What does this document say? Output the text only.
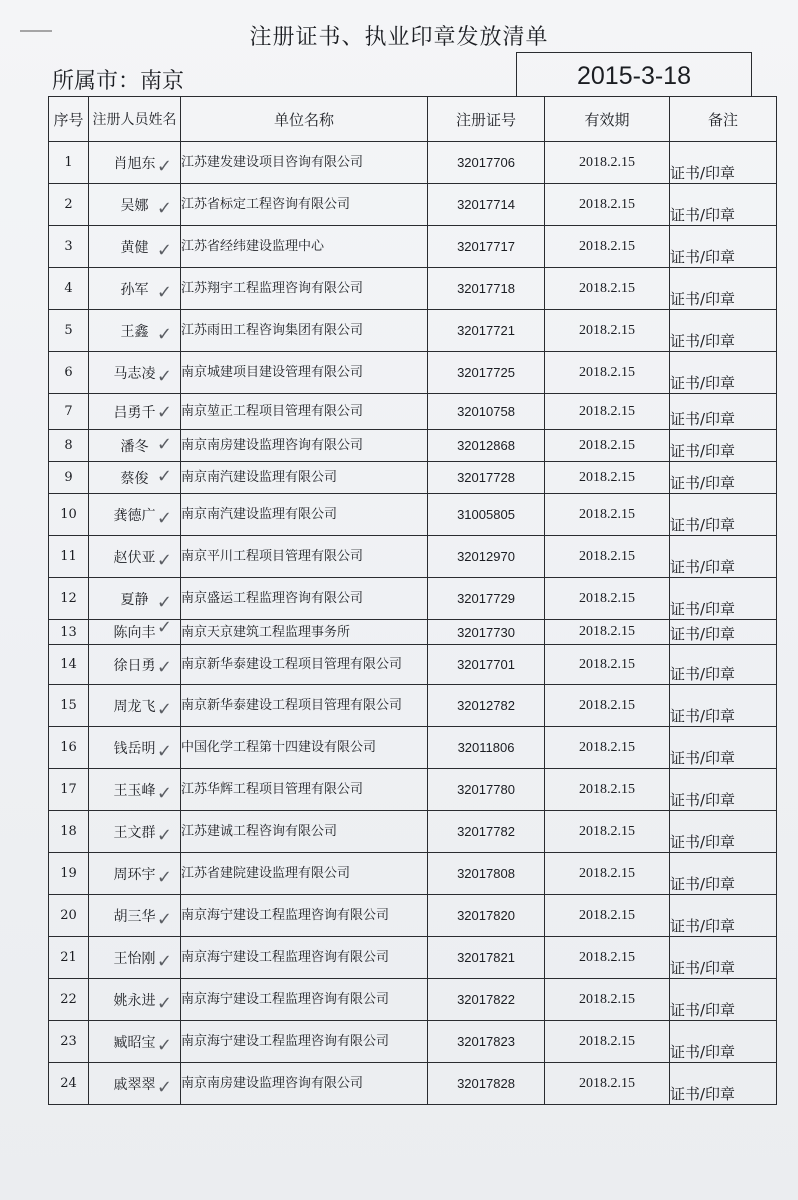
注册证书、执业印章发放清单
所属市：南京	2015-3-18
序号	注册人员姓名	单位名称	注册证号	有效期	备注
1	肖旭东 ✓	江苏建发建设项目咨询有限公司	32017706	2018.2.15	证书/印章
2	吴娜 ✓	江苏省标定工程咨询有限公司	32017714	2018.2.15	证书/印章
3	黄健 ✓	江苏省经纬建设监理中心	32017717	2018.2.15	证书/印章
4	孙军 ✓	江苏翔宇工程监理咨询有限公司	32017718	2018.2.15	证书/印章
5	王鑫 ✓	江苏雨田工程咨询集团有限公司	32017721	2018.2.15	证书/印章
6	马志凌 ✓	南京城建项目建设管理有限公司	32017725	2018.2.15	证书/印章
7	吕勇千 ✓	南京堃正工程项目管理有限公司	32010758	2018.2.15	证书/印章
8	潘冬 ✓	南京南房建设监理咨询有限公司	32012868	2018.2.15	证书/印章
9	蔡俊 ✓	南京南汽建设监理有限公司	32017728	2018.2.15	证书/印章
10	龚德广 ✓	南京南汽建设监理有限公司	31005805	2018.2.15	证书/印章
11	赵伏亚 ✓	南京平川工程项目管理有限公司	32012970	2018.2.15	证书/印章
12	夏静 ✓	南京盛运工程监理咨询有限公司	32017729	2018.2.15	证书/印章
13	陈向丰 ✓	南京天京建筑工程监理事务所	32017730	2018.2.15	证书/印章
14	徐日勇 ✓	南京新华泰建设工程项目管理有限公司	32017701	2018.2.15	证书/印章
15	周龙飞 ✓	南京新华泰建设工程项目管理有限公司	32012782	2018.2.15	证书/印章
16	钱岳明 ✓	中国化学工程第十四建设有限公司	32011806	2018.2.15	证书/印章
17	王玉峰 ✓	江苏华辉工程项目管理有限公司	32017780	2018.2.15	证书/印章
18	王文群 ✓	江苏建诚工程咨询有限公司	32017782	2018.2.15	证书/印章
19	周环宇 ✓	江苏省建院建设监理有限公司	32017808	2018.2.15	证书/印章
20	胡三华 ✓	南京海宁建设工程监理咨询有限公司	32017820	2018.2.15	证书/印章
21	王怡刚 ✓	南京海宁建设工程监理咨询有限公司	32017821	2018.2.15	证书/印章
22	姚永进 ✓	南京海宁建设工程监理咨询有限公司	32017822	2018.2.15	证书/印章
23	臧昭宝 ✓	南京海宁建设工程监理咨询有限公司	32017823	2018.2.15	证书/印章
24	戚翠翠 ✓	南京南房建设监理咨询有限公司	32017828	2018.2.15	证书/印章
